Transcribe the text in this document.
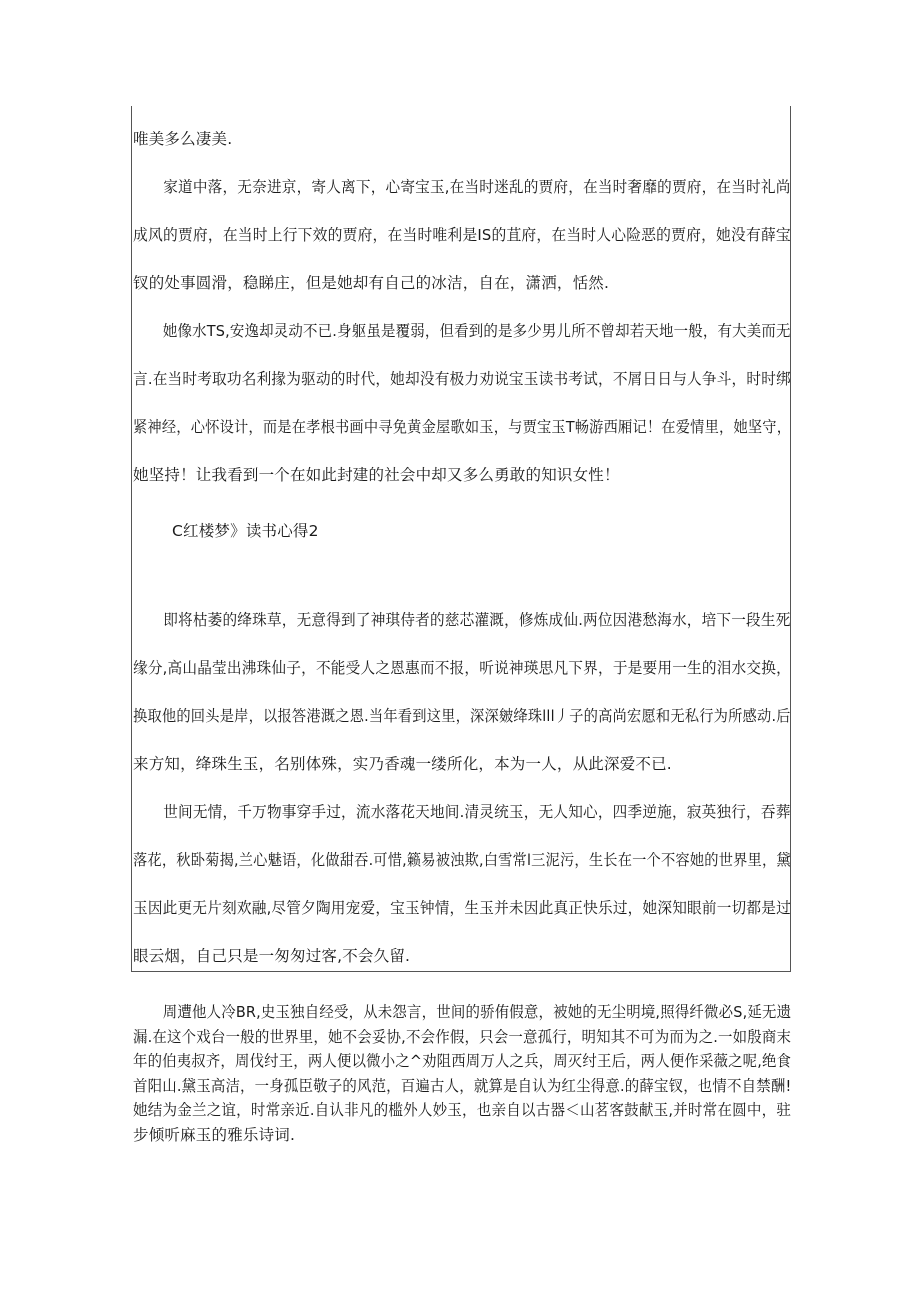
唯美多么凄美.

家道中落，无奈进京，寄人离下，心寄宝玉,在当时迷乱的贾府，在当时奢靡的贾府，在当时礼尚

成风的贾府，在当时上行下效的贾府，在当时唯利是IS的苴府，在当时人心险恶的贾府，她没有薛宝

钗的处事圆滑，稳睇庄，但是她却有自己的冰洁，自在，潇洒，恬然.

她像水TS,安逸却灵动不已.身躯虽是覆弱，但看到的是多少男儿所不曾却若天地一般，有大美而无

言.在当时考取功名利掾为驱动的时代，她却没有极力劝说宝玉读书考试，不屑日日与人争斗，时时绑

紧神经，心怀设计，而是在孝根书画中寻免黄金屋歌如玉，与贾宝玉T畅游西厢记！在爱情里，她坚守，

她坚持！让我看到一个在如此封建的社会中却又多么勇敢的知识女性！

C红楼梦》读书心得2

即将枯萎的绛珠草，无意得到了神琪侍者的慈芯灌溉，修炼成仙.两位因港愁海水，培下一段生死

缘分,高山晶莹出沸珠仙子，不能受人之恩惠而不报，听说神瑛思凡下界，于是要用一生的泪水交换，

换取他的回头是岸，以报答港溉之恩.当年看到这里，深深皴绛珠lll丿子的高尚宏愿和无私行为所感动.后

来方知，绛珠生玉，名别体殊，实乃香魂一缕所化，本为一人，从此深爱不已.

世间无情，千万物事穿手过，流水落花天地间.清灵统玉，无人知心，四季逆施，寂英独行，吞葬

落花，秋卧菊揭,兰心魅语，化做甜吞.可惜,籁易被浊欺,白雪常l三泥污，生长在一个不容她的世界里，黛

玉因此更无片刻欢融,尽管夕陶用宠爱，宝玉钟情，生玉并未因此真正快乐过，她深知眼前一切都是过

眼云烟，自己只是一匆匆过客,不会久留.

周遭他人冷BR,史玉独自经受，从未怨言，世间的骄侑假意，被她的无尘明境,照得纤微必S,延无遗

漏.在这个戏台一般的世界里，她不会妥协,不会作假，只会一意孤行，明知其不可为而为之.一如殷商末

年的伯夷叔齐，周伐纣王，两人便以微小之^劝阻西周万人之兵，周灭纣王后，两人便作采薇之呢,绝食

首阳山.黛玉高洁，一身孤臣敬子的风范，百遍古人，就算是自认为红尘得意.的薛宝钗，也情不自禁酬!

她结为金兰之谊，时常亲近.自认非凡的槛外人妙玉，也亲自以古器＜山茗客鼓献玉,并时常在圆中，驻

步倾听麻玉的雅乐诗词.
